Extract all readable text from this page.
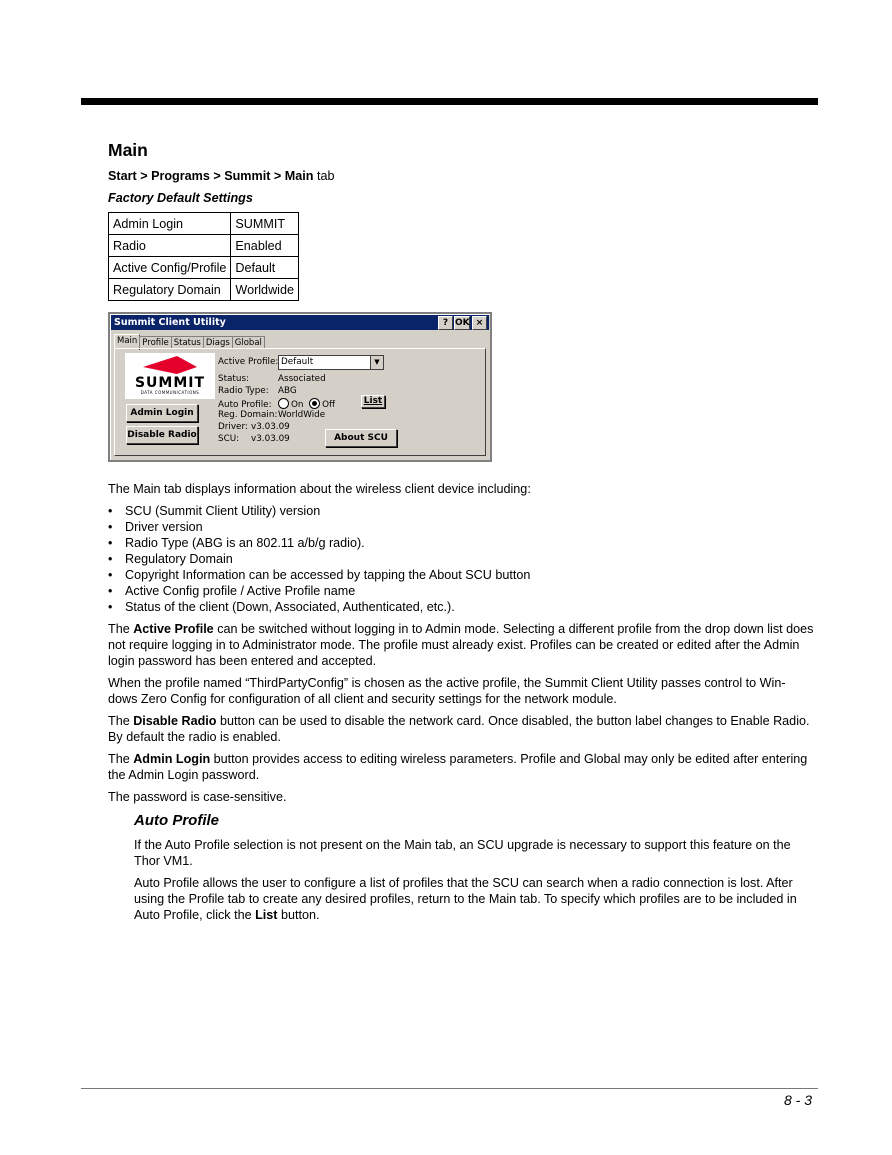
Main

Start > Programs > Summit > Main tab

Factory Default Settings

Admin Login	SUMMIT
Radio	Enabled
Active Config/Profile	Default
Regulatory Domain	Worldwide
Summit Client Utility	? OK ×
Main Profile Status Diags Global
SUMMIT
DATA COMMUNICATIONS
Admin Login
Disable Radio
Active Profile: Default	▼
Status:	Associated
Radio Type: ABG
Auto Profile: On Off	List
Reg. Domain:WorldWide
Driver: v3.03.09
SCU: v3.03.09	About SCU

The Main tab displays information about the wireless client device including:

• SCU (Summit Client Utility) version
• Driver version
• Radio Type (ABG is an 802.11 a/b/g radio).
• Regulatory Domain
• Copyright Information can be accessed by tapping the About SCU button
• Active Config profile / Active Profile name
• Status of the client (Down, Associated, Authenticated, etc.).

The Active Profile can be switched without logging in to Admin mode. Selecting a different profile from the drop down list does not require logging in to Administrator mode. The profile must already exist. Profiles can be created or edited after the Admin login password has been entered and accepted.

When the profile named “ThirdPartyConfig” is chosen as the active profile, the Summit Client Utility passes control to Win-dows Zero Config for configuration of all client and security settings for the network module.

The Disable Radio button can be used to disable the network card. Once disabled, the button label changes to Enable Radio. By default the radio is enabled.

The Admin Login button provides access to editing wireless parameters. Profile and Global may only be edited after entering the Admin Login password.

The password is case-sensitive.

Auto Profile

If the Auto Profile selection is not present on the Main tab, an SCU upgrade is necessary to support this feature on the Thor VM1.

Auto Profile allows the user to configure a list of profiles that the SCU can search when a radio connection is lost. After using the Profile tab to create any desired profiles, return to the Main tab. To specify which profiles are to be included in Auto Profile, click the List button.

8 - 3
